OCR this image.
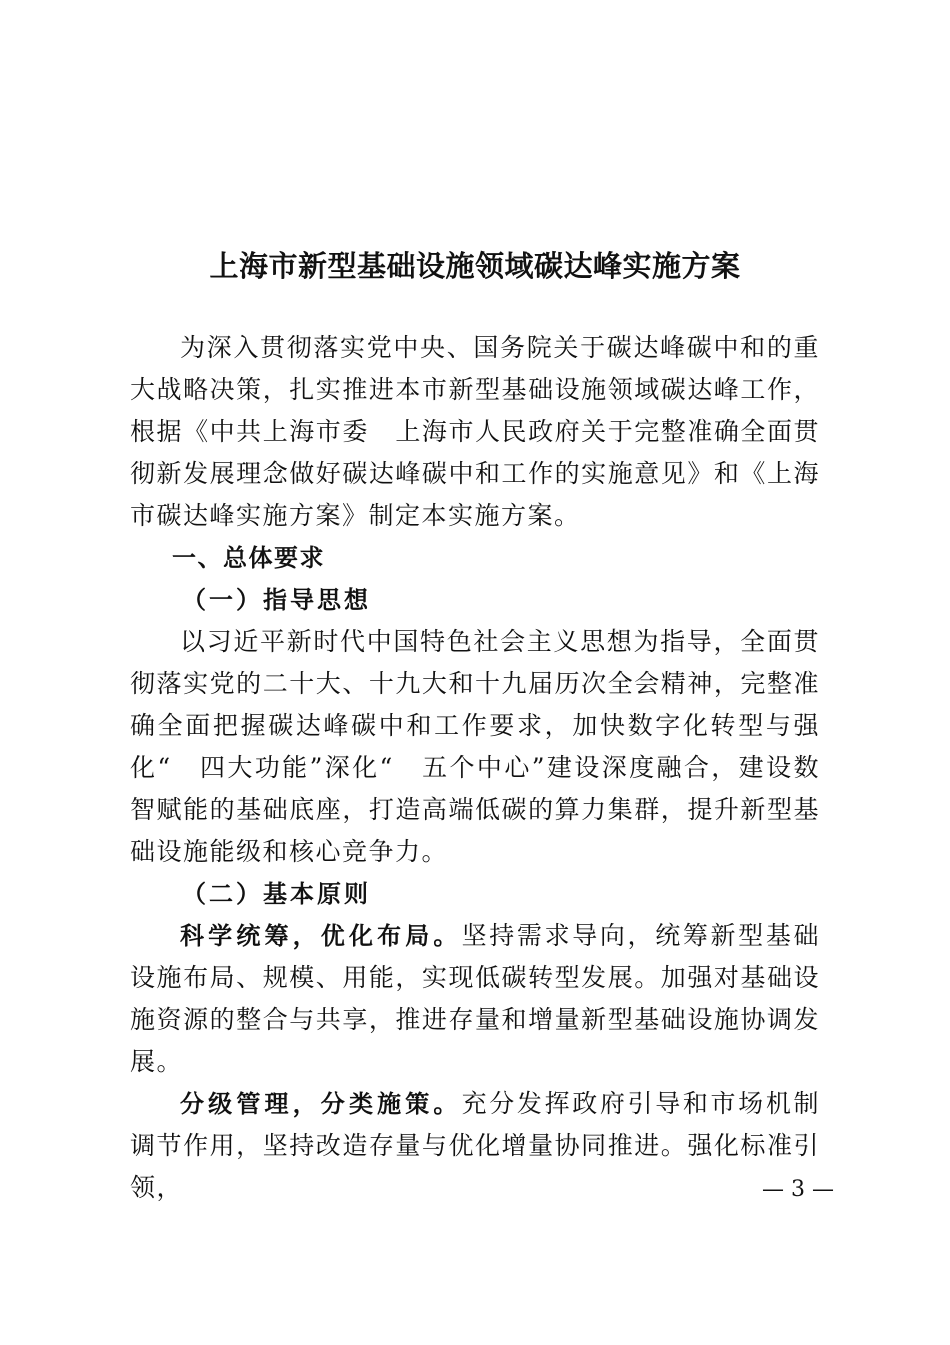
上海市新型基础设施领域碳达峰实施方案

为深入贯彻落实党中央、国务院关于碳达峰碳中和的重大战略决策，扎实推进本市新型基础设施领域碳达峰工作，根据《中共上海市委　上海市人民政府关于完整准确全面贯彻新发展理念做好碳达峰碳中和工作的实施意见》和《上海市碳达峰实施方案》制定本实施方案。

一、总体要求

（一）指导思想

以习近平新时代中国特色社会主义思想为指导，全面贯彻落实党的二十大、十九大和十九届历次全会精神，完整准确全面把握碳达峰碳中和工作要求，加快数字化转型与强化“　四大功能”深化“　五个中心”建设深度融合，建设数智赋能的基础底座，打造高端低碳的算力集群，提升新型基础设施能级和核心竞争力。

（二）基本原则

科学统筹，优化布局。坚持需求导向，统筹新型基础设施布局、规模、用能，实现低碳转型发展。加强对基础设施资源的整合与共享，推进存量和增量新型基础设施协调发展。

分级管理，分类施策。充分发挥政府引导和市场机制调节作用，坚持改造存量与优化增量协同推进。强化标准引领，	— 3 —
